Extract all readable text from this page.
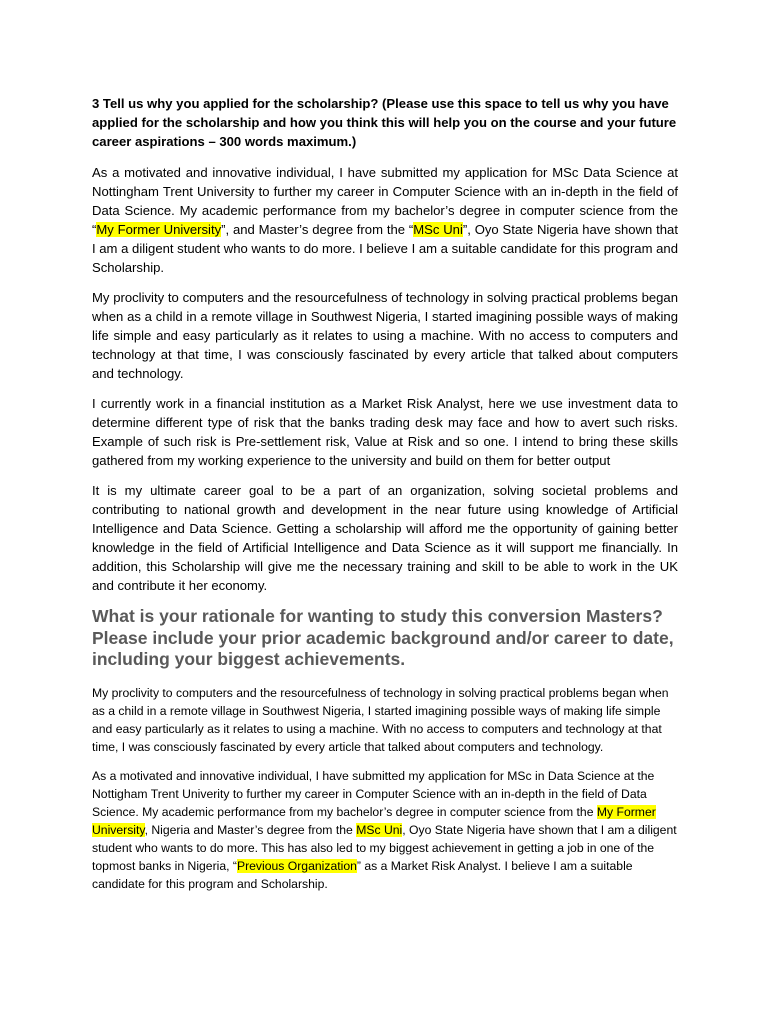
3 Tell us why you applied for the scholarship? (Please use this space to tell us why you have applied for the scholarship and how you think this will help you on the course and your future career aspirations – 300 words maximum.)

As a motivated and innovative individual, I have submitted my application for MSc Data Science at Nottingham Trent University to further my career in Computer Science with an in-depth in the field of Data Science. My academic performance from my bachelor’s degree in computer science from the “My Former University”, and Master’s degree from the “MSc Uni”, Oyo State Nigeria have shown that I am a diligent student who wants to do more. I believe I am a suitable candidate for this program and Scholarship.

My proclivity to computers and the resourcefulness of technology in solving practical problems began when as a child in a remote village in Southwest Nigeria, I started imagining possible ways of making life simple and easy particularly as it relates to using a machine. With no access to computers and technology at that time, I was consciously fascinated by every article that talked about computers and technology.

I currently work in a financial institution as a Market Risk Analyst, here we use investment data to determine different type of risk that the banks trading desk may face and how to avert such risks. Example of such risk is Pre-settlement risk, Value at Risk and so one. I intend to bring these skills gathered from my working experience to the university and build on them for better output

It is my ultimate career goal to be a part of an organization, solving societal problems and contributing to national growth and development in the near future using knowledge of Artificial Intelligence and Data Science. Getting a scholarship will afford me the opportunity of gaining better knowledge in the field of Artificial Intelligence and Data Science as it will support me financially. In addition, this Scholarship will give me the necessary training and skill to be able to work in the UK and contribute it her economy.

What is your rationale for wanting to study this conversion Masters? Please include your prior academic background and/or career to date, including your biggest achievements.

My proclivity to computers and the resourcefulness of technology in solving practical problems began when as a child in a remote village in Southwest Nigeria, I started imagining possible ways of making life simple and easy particularly as it relates to using a machine. With no access to computers and technology at that time, I was consciously fascinated by every article that talked about computers and technology.

As a motivated and innovative individual, I have submitted my application for MSc in Data Science at the Nottigham Trent Univerity to further my career in Computer Science with an in-depth in the field of Data Science. My academic performance from my bachelor’s degree in computer science from the My Former University, Nigeria and Master’s degree from the MSc Uni, Oyo State Nigeria have shown that I am a diligent student who wants to do more. This has also led to my biggest achievement in getting a job in one of the topmost banks in Nigeria, “Previous Organization” as a Market Risk Analyst. I believe I am a suitable candidate for this program and Scholarship.
